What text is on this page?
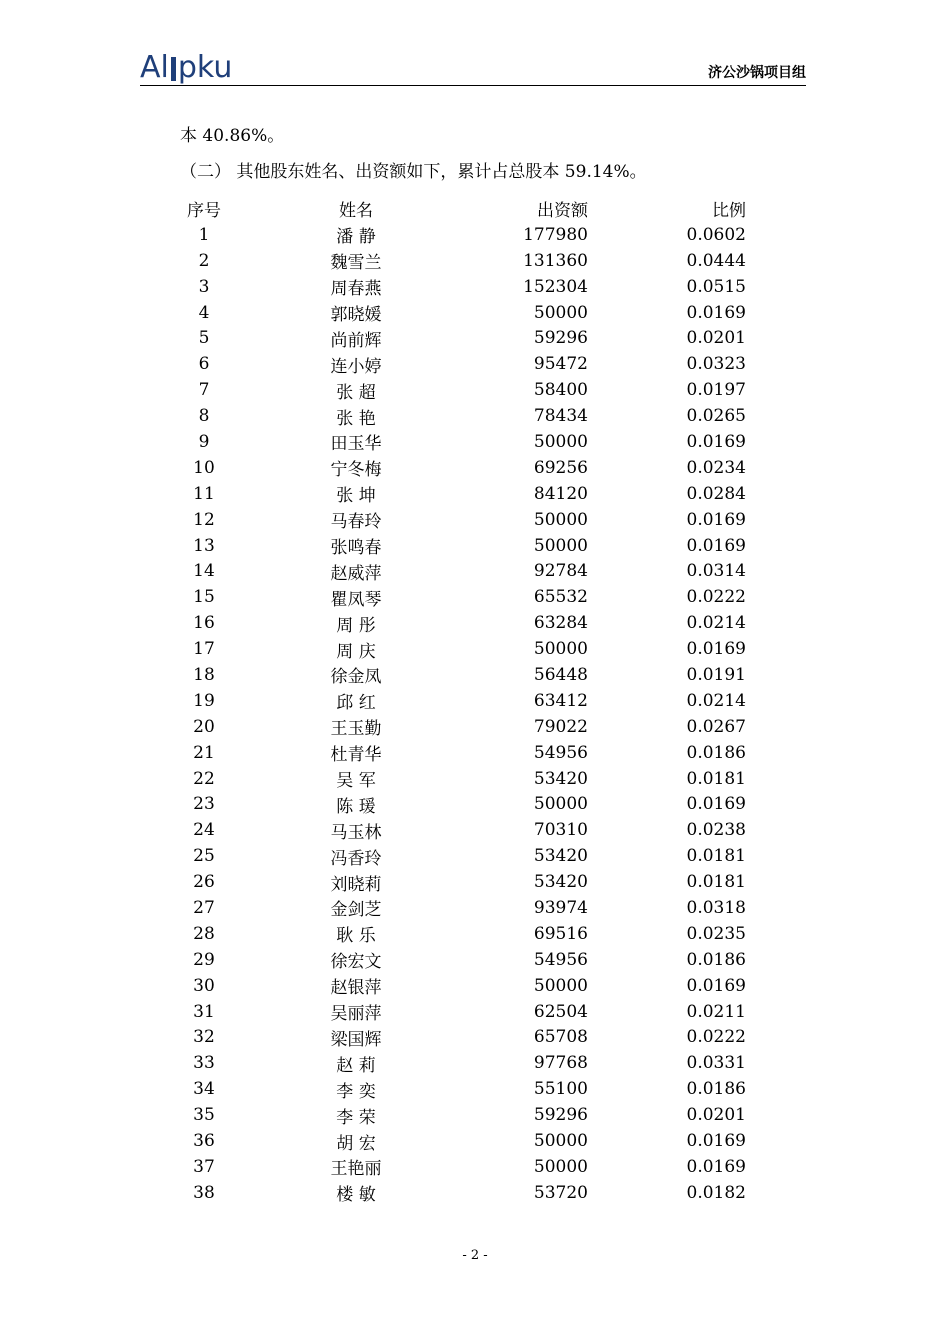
Al pku	济公沙锅项目组
本 40.86%。
（二） 其他股东姓名、出资额如下，累计占总股本 59.14%。
序号	姓名	出资额	比例
1	潘 静	177980	0.0602
2	魏雪兰	131360	0.0444
3	周春燕	152304	0.0515
4	郭晓媛	50000	0.0169
5	尚前辉	59296	0.0201
6	连小婷	95472	0.0323
7	张 超	58400	0.0197
8	张 艳	78434	0.0265
9	田玉华	50000	0.0169
10	宁冬梅	69256	0.0234
11	张 坤	84120	0.0284
12	马春玲	50000	0.0169
13	张鸣春	50000	0.0169
14	赵威萍	92784	0.0314
15	瞿凤琴	65532	0.0222
16	周 彤	63284	0.0214
17	周 庆	50000	0.0169
18	徐金凤	56448	0.0191
19	邱 红	63412	0.0214
20	王玉勤	79022	0.0267
21	杜青华	54956	0.0186
22	吴 军	53420	0.0181
23	陈 瑗	50000	0.0169
24	马玉林	70310	0.0238
25	冯香玲	53420	0.0181
26	刘晓莉	53420	0.0181
27	金剑芝	93974	0.0318
28	耿 乐	69516	0.0235
29	徐宏文	54956	0.0186
30	赵银萍	50000	0.0169
31	吴丽萍	62504	0.0211
32	梁国辉	65708	0.0222
33	赵 莉	97768	0.0331
34	李 奕	55100	0.0186
35	李 荣	59296	0.0201
36	胡 宏	50000	0.0169
37	王艳丽	50000	0.0169
38	楼 敏	53720	0.0182
- 2 -
